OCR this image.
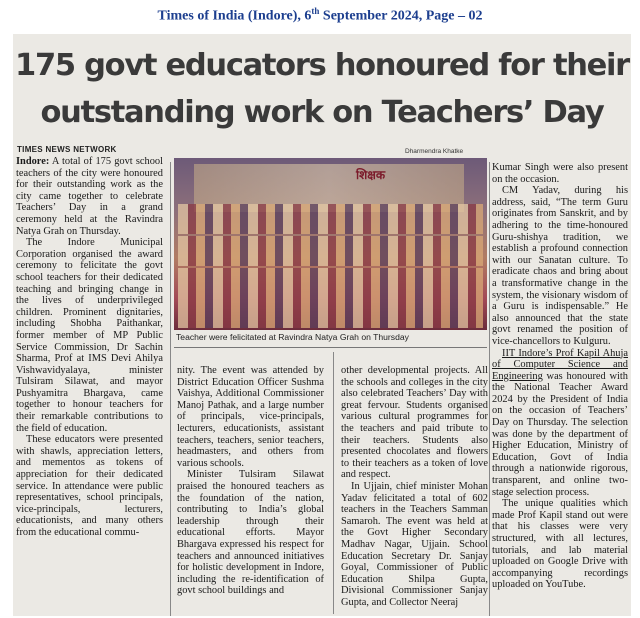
Times of India (Indore), 6th September 2024, Page – 02
175 govt educators honoured for their
outstanding work on Teachers’ Day
TIMES NEWS NETWORK	Dharmendra Khatke
शिक्षक
Teacher were felicitated at Ravindra Natya Grah on Thursday

Indore: A total of 175 govt school teachers of the city were honoured for their outstanding work as the city came together to celebrate Teachers’ Day in a grand ceremony held at the Ravindra Natya Grah on Thursday.

The Indore Municipal Corporation organised the award ceremony to felicitate the govt school teachers for their dedicated teaching and bringing change in the lives of underprivileged children. Prominent dignitaries, including Shobha Paithankar, former member of MP Public Service Commission, Dr Sachin Sharma, Prof at IMS Devi Ahilya Vishwavidyalaya, minister Tulsiram Silawat, and mayor Pushyamitra Bhargava, came together to honour teachers for their remarkable contributions to the field of education.

These educators were presented with shawls, appreciation letters, and mementos as tokens of appreciation for their dedicated service. In attendance were public representatives, school principals, vice-principals, lecturers, educationists, and many others from the educational commu-

nity. The event was attended by District Education Officer Sushma Vaishya, Additional Commissioner Manoj Pathak, and a large number of principals, vice-principals, lecturers, educationists, assistant teachers, teachers, senior teachers, headmasters, and others from various schools.

Minister Tulsiram Silawat praised the honoured teachers as the foundation of the nation, contributing to India’s global leadership through their educational efforts. Mayor Bhargava expressed his respect for teachers and announced initiatives for holistic development in Indore, including the re-identification of govt school buildings and

other developmental projects. All the schools and colleges in the city also celebrated Teachers’ Day with great fervour. Students organised various cultural programmes for the teachers and paid tribute to their teachers. Students also presented chocolates and flowers to their teachers as a token of love and respect.

In Ujjain, chief minister Mohan Yadav felicitated a total of 602 teachers in the Teachers Samman Samaroh. The event was held at the Govt Higher Secondary Madhav Nagar, Ujjain. School Education Secretary Dr. Sanjay Goyal, Commissioner of Public Education Shilpa Gupta, Divisional Commissioner Sanjay Gupta, and Collector Neeraj

Kumar Singh were also present on the occasion.

CM Yadav, during his address, said, “The term Guru originates from Sanskrit, and by adhering to the time-honoured Guru-shishya tradition, we establish a profound connection with our Sanatan culture. To eradicate chaos and bring about a transformative change in the system, the visionary wisdom of a Guru is indispensable.” He also announced that the state govt renamed the position of vice-chancellors to Kulguru.

IIT Indore’s Prof Kapil Ahuja of Computer Science and Engineering was honoured with the National Teacher Award 2024 by the President of India on the occasion of Teachers’ Day on Thursday. The selection was done by the department of Higher Education, Ministry of Education, Govt of India through a nationwide rigorous, transparent, and online two-stage selection process.

The unique qualities which made Prof Kapil stand out were that his classes were very structured, with all lectures, tutorials, and lab material uploaded on Google Drive with accompanying recordings uploaded on YouTube.
